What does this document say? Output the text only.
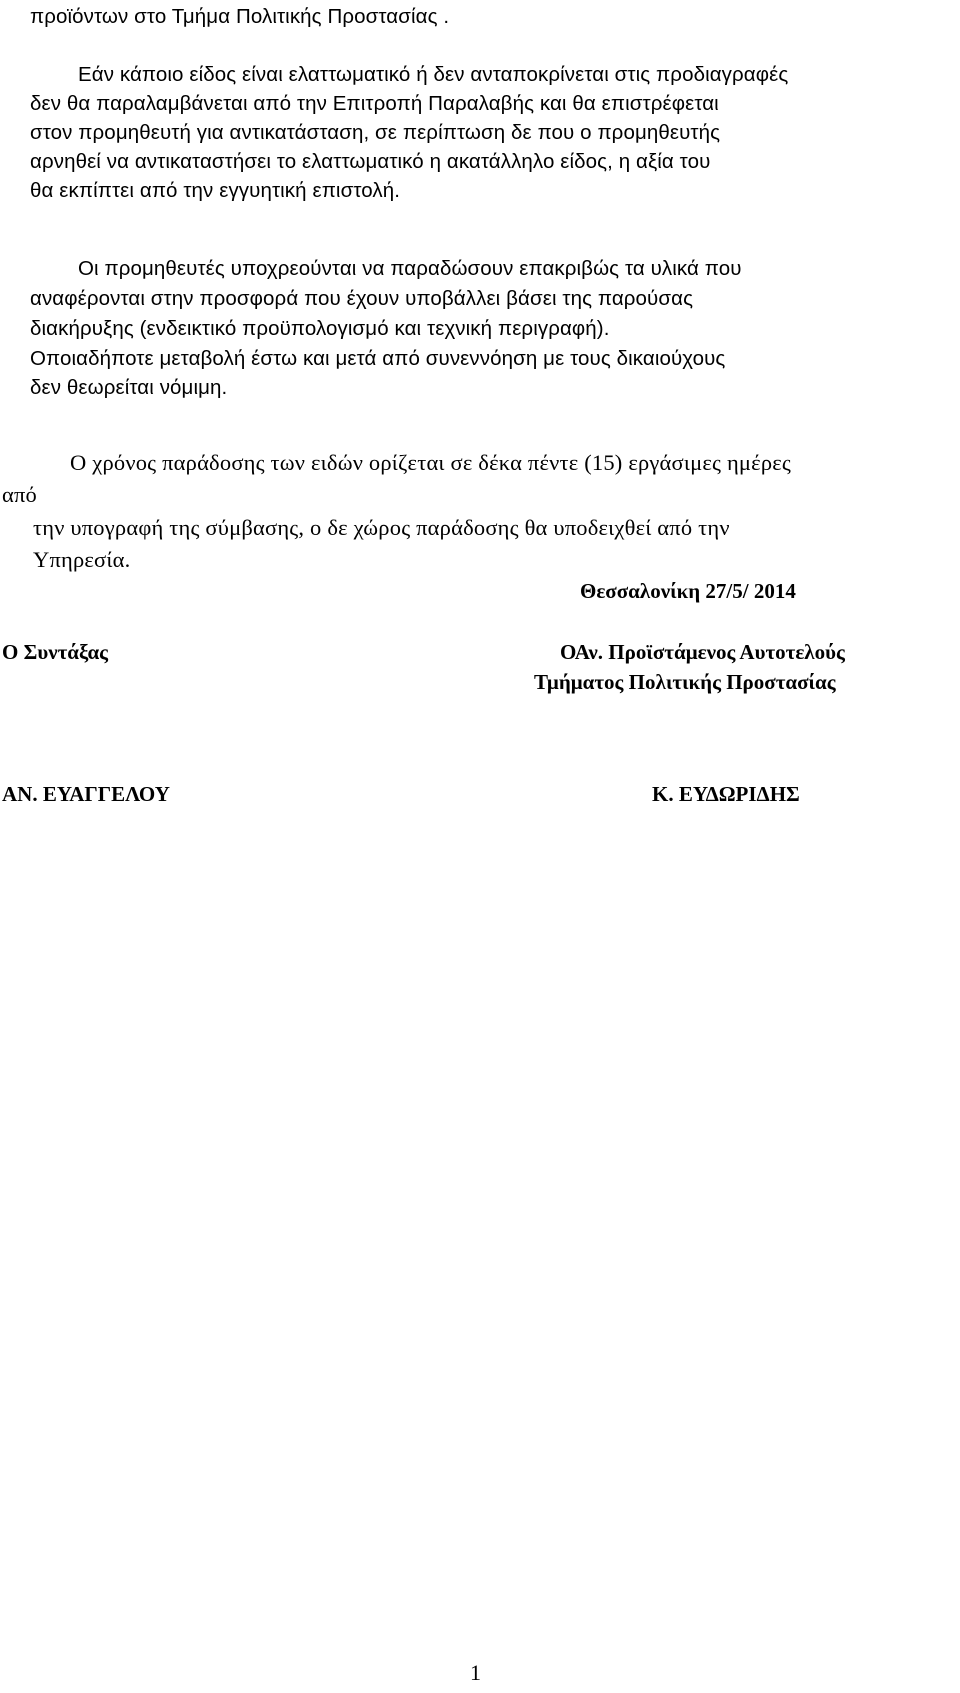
προϊόντων στο Τμήμα Πολιτικής Προστασίας .

Εάν κάποιο είδος είναι ελαττωματικό ή δεν ανταποκρίνεται στις προδιαγραφές

δεν θα παραλαμβάνεται από την Επιτροπή Παραλαβής και θα επιστρέφεται

στον προμηθευτή για αντικατάσταση, σε περίπτωση δε που ο προμηθευτής

αρνηθεί να αντικαταστήσει το ελαττωματικό η ακατάλληλο είδος, η αξία του

θα εκπίπτει από την εγγυητική επιστολή.

Οι προμηθευτές υποχρεούνται να παραδώσουν επακριβώς τα υλικά που

αναφέρονται στην προσφορά που έχουν υποβάλλει βάσει της παρούσας

διακήρυξης (ενδεικτικό προϋπολογισμό και τεχνική περιγραφή).

Οποιαδήποτε μεταβολή έστω και μετά από συνεννόηση με τους δικαιούχους

δεν θεωρείται νόμιμη.

Ο χρόνος παράδοσης των ειδών ορίζεται σε δέκα πέντε (15) εργάσιμες ημέρες

από

την υπογραφή της σύμβασης, ο δε χώρος παράδοσης θα υποδειχθεί από την

Υπηρεσία.

Θεσσαλονίκη 27/5/ 2014

Ο Συντάξας	ΟΑν. Προϊστάμενος Αυτοτελούς

Τμήματος Πολιτικής Προστασίας

ΑΝ. ΕΥΑΓΓΕΛΟΥ	Κ. ΕΥΔΩΡΙΔΗΣ

1
